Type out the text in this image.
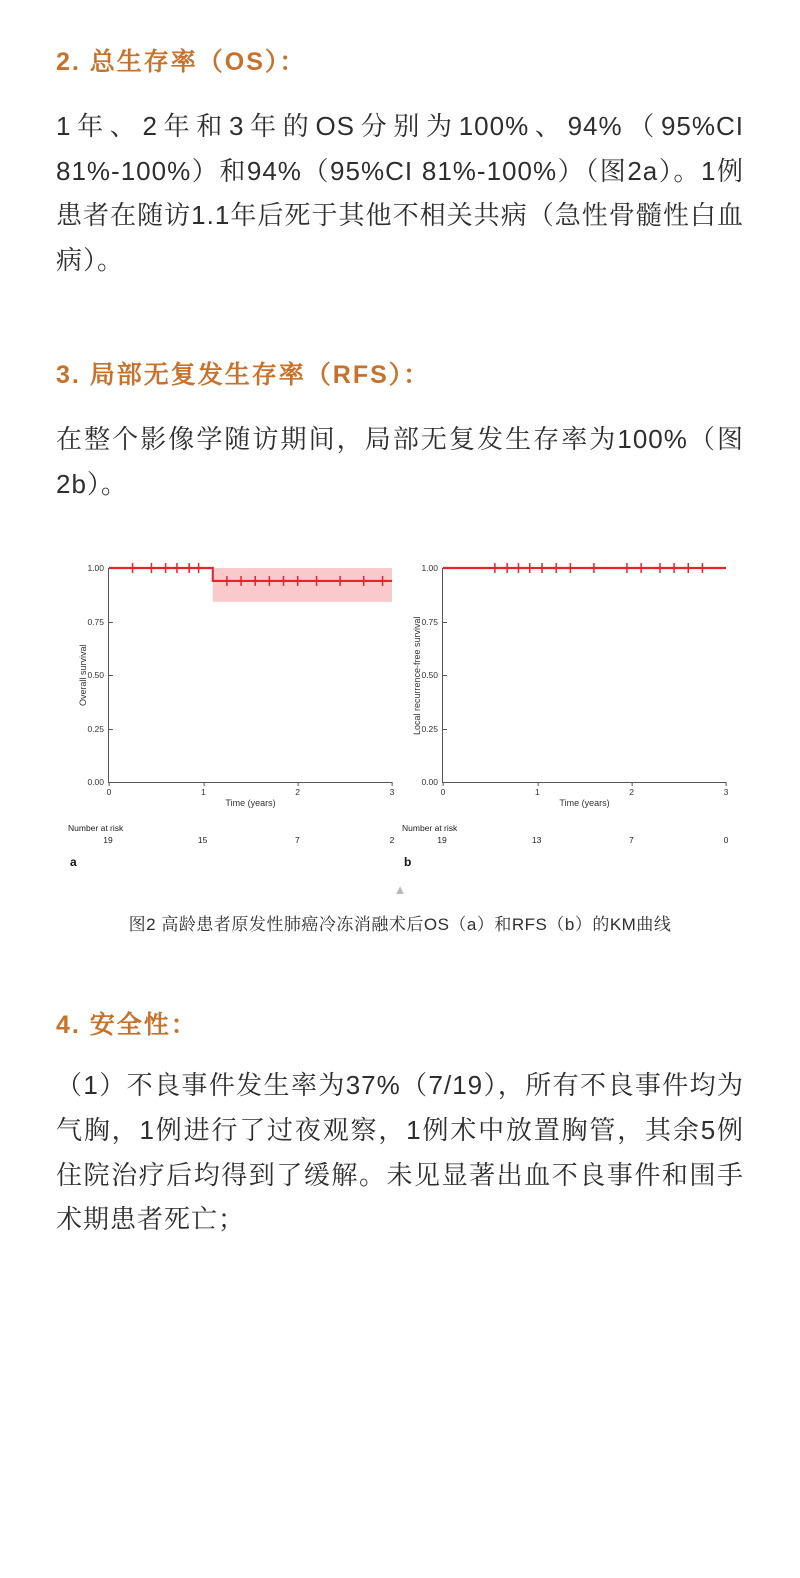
2. 总生存率（OS）：

1年、2年和3年的OS分别为100%、94%（95%CI 81%-100%）和94%（95%CI 81%-100%）（图2a）。1例患者在随访1.1年后死于其他不相关共病（急性骨髓性白血病）。

3. 局部无复发生存率（RFS）：

在整个影像学随访期间，局部无复发生存率为100%（图2b）。

Overall survival
0.00
0.25
0.50
0.75
1.00
0	1	2	3
Time (years)
Number at risk
19	15	7	2
a
Local recurrence-free survival
0.00
0.25
0.50
0.75
1.00
0	1	2	3
Time (years)
Number at risk
19	13	7	0
b
▲
图2 高龄患者原发性肺癌冷冻消融术后OS（a）和RFS（b）的KM曲线
4. 安全性：

（1）不良事件发生率为37%（7/19），所有不良事件均为气胸，1例进行了过夜观察，1例术中放置胸管，其余5例住院治疗后均得到了缓解。未见显著出血不良事件和围手术期患者死亡；
